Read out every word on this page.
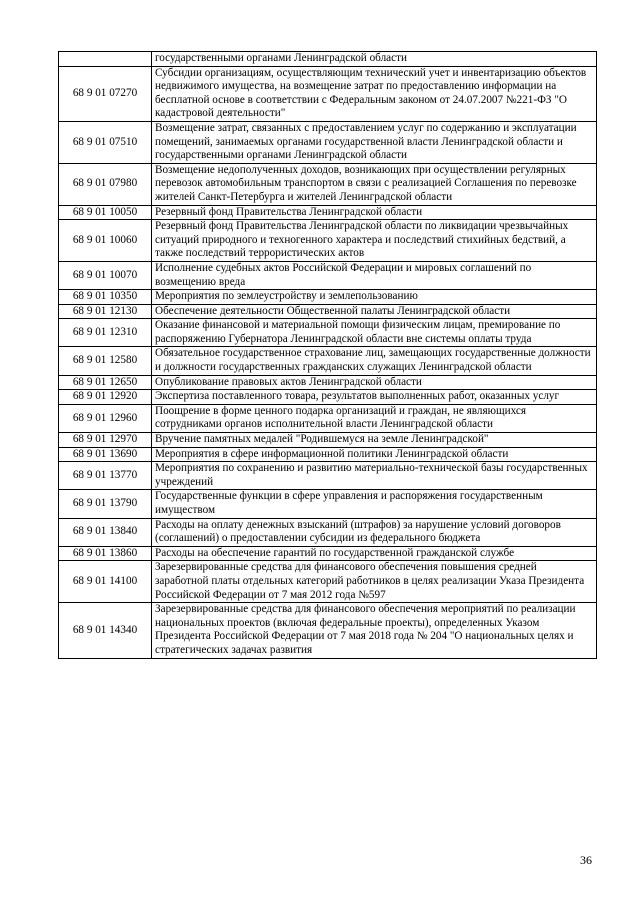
	государственными органами Ленинградской области
68 9 01 07270	Субсидии организациям, осуществляющим технический учет и инвентаризацию объектов недвижимого имущества, на возмещение затрат по предоставлению информации на бесплатной основе в соответствии с Федеральным законом от 24.07.2007 №221-ФЗ "О кадастровой деятельности"
68 9 01 07510	Возмещение затрат, связанных с предоставлением услуг по содержанию и эксплуатации помещений, занимаемых органами государственной власти Ленинградской области и государственными органами Ленинградской области
68 9 01 07980	Возмещение недополученных доходов, возникающих при осуществлении регулярных перевозок автомобильным транспортом в связи с реализацией Соглашения по перевозке жителей Санкт-Петербурга и жителей Ленинградской области
68 9 01 10050	Резервный фонд Правительства Ленинградской области
68 9 01 10060	Резервный фонд Правительства Ленинградской области по ликвидации чрезвычайных ситуаций природного и техногенного характера и последствий стихийных бедствий, а также последствий террористических актов
68 9 01 10070	Исполнение судебных актов Российской Федерации и мировых соглашений по возмещению вреда
68 9 01 10350	Мероприятия по землеустройству и землепользованию
68 9 01 12130	Обеспечение деятельности Общественной палаты Ленинградской области
68 9 01 12310	Оказание финансовой и материальной помощи физическим лицам, премирование по распоряжению Губернатора Ленинградской области вне системы оплаты труда
68 9 01 12580	Обязательное государственное страхование лиц, замещающих государственные должности и должности государственных гражданских служащих Ленинградской области
68 9 01 12650	Опубликование правовых актов Ленинградской области
68 9 01 12920	Экспертиза поставленного товара, результатов выполненных работ, оказанных услуг
68 9 01 12960	Поощрение в форме ценного подарка организаций и граждан, не являющихся сотрудниками органов исполнительной власти Ленинградской области
68 9 01 12970	Вручение памятных медалей "Родившемуся на земле Ленинградской"
68 9 01 13690	Мероприятия в сфере информационной политики Ленинградской области
68 9 01 13770	Мероприятия по сохранению и развитию материально-технической базы государственных учреждений
68 9 01 13790	Государственные функции в сфере управления и распоряжения государственным имуществом
68 9 01 13840	Расходы на оплату денежных взысканий (штрафов) за нарушение условий договоров (соглашений) о предоставлении субсидии из федерального бюджета
68 9 01 13860	Расходы на обеспечение гарантий по государственной гражданской службе
68 9 01 14100	Зарезервированные средства для финансового обеспечения повышения средней заработной платы отдельных категорий работников в целях реализации Указа Президента Российской Федерации от 7 мая 2012 года №597
68 9 01 14340	Зарезервированные средства для финансового обеспечения мероприятий по реализации национальных проектов (включая федеральные проекты), определенных Указом Президента Российской Федерации от 7 мая 2018 года № 204 "О национальных целях и стратегических задачах развития
36
